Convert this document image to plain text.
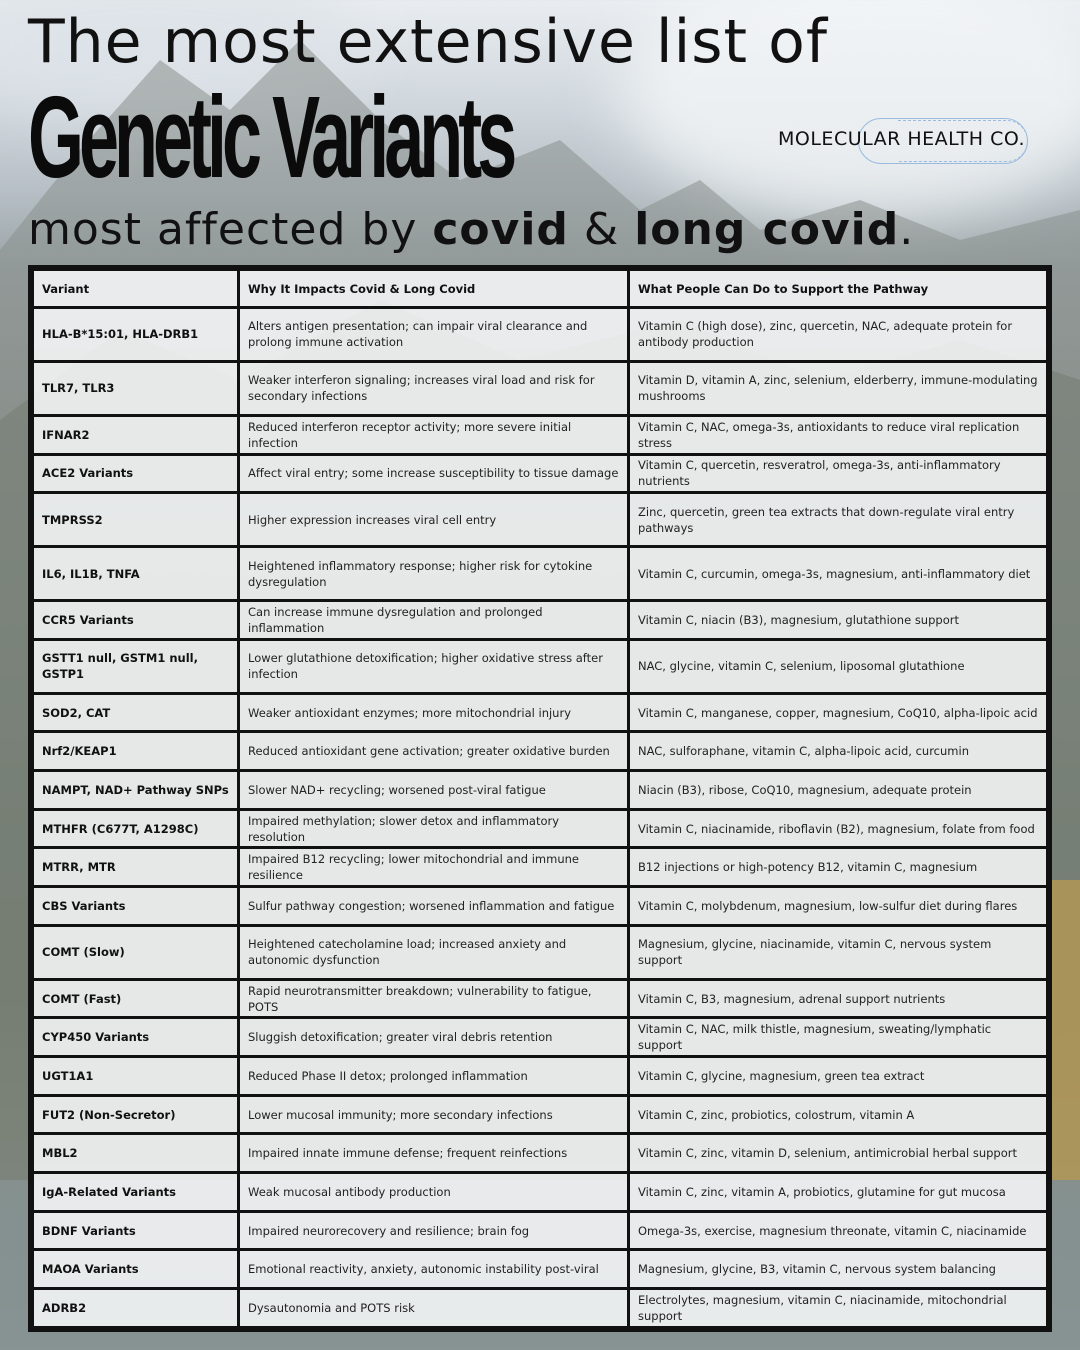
The most extensive list of
Genetic Variants
most affected by covid & long covid.
MOLECULAR HEALTH CO.
Variant	Why It Impacts Covid & Long Covid	What People Can Do to Support the Pathway
HLA-B*15:01, HLA-DRB1	Alters antigen presentation; can impair viral clearance and prolong immune activation	Vitamin C (high dose), zinc, quercetin, NAC, adequate protein for antibody production
TLR7, TLR3	Weaker interferon signaling; increases viral load and risk for secondary infections	Vitamin D, vitamin A, zinc, selenium, elderberry, immune-modulating mushrooms
IFNAR2	Reduced interferon receptor activity; more severe initial infection	Vitamin C, NAC, omega-3s, antioxidants to reduce viral replication stress
ACE2 Variants	Affect viral entry; some increase susceptibility to tissue damage	Vitamin C, quercetin, resveratrol, omega-3s, anti-inflammatory nutrients
TMPRSS2	Higher expression increases viral cell entry	Zinc, quercetin, green tea extracts that down-regulate viral entry pathways
IL6, IL1B, TNFA	Heightened inflammatory response; higher risk for cytokine dysregulation	Vitamin C, curcumin, omega-3s, magnesium, anti-inflammatory diet
CCR5 Variants	Can increase immune dysregulation and prolonged inflammation	Vitamin C, niacin (B3), magnesium, glutathione support
GSTT1 null, GSTM1 null, GSTP1	Lower glutathione detoxification; higher oxidative stress after infection	NAC, glycine, vitamin C, selenium, liposomal glutathione
SOD2, CAT	Weaker antioxidant enzymes; more mitochondrial injury	Vitamin C, manganese, copper, magnesium, CoQ10, alpha-lipoic acid
Nrf2/KEAP1	Reduced antioxidant gene activation; greater oxidative burden	NAC, sulforaphane, vitamin C, alpha-lipoic acid, curcumin
NAMPT, NAD+ Pathway SNPs	Slower NAD+ recycling; worsened post-viral fatigue	Niacin (B3), ribose, CoQ10, magnesium, adequate protein
MTHFR (C677T, A1298C)	Impaired methylation; slower detox and inflammatory resolution	Vitamin C, niacinamide, riboflavin (B2), magnesium, folate from food
MTRR, MTR	Impaired B12 recycling; lower mitochondrial and immune resilience	B12 injections or high-potency B12, vitamin C, magnesium
CBS Variants	Sulfur pathway congestion; worsened inflammation and fatigue	Vitamin C, molybdenum, magnesium, low-sulfur diet during flares
COMT (Slow)	Heightened catecholamine load; increased anxiety and autonomic dysfunction	Magnesium, glycine, niacinamide, vitamin C, nervous system support
COMT (Fast)	Rapid neurotransmitter breakdown; vulnerability to fatigue, POTS	Vitamin C, B3, magnesium, adrenal support nutrients
CYP450 Variants	Sluggish detoxification; greater viral debris retention	Vitamin C, NAC, milk thistle, magnesium, sweating/lymphatic support
UGT1A1	Reduced Phase II detox; prolonged inflammation	Vitamin C, glycine, magnesium, green tea extract
FUT2 (Non-Secretor)	Lower mucosal immunity; more secondary infections	Vitamin C, zinc, probiotics, colostrum, vitamin A
MBL2	Impaired innate immune defense; frequent reinfections	Vitamin C, zinc, vitamin D, selenium, antimicrobial herbal support
IgA-Related Variants	Weak mucosal antibody production	Vitamin C, zinc, vitamin A, probiotics, glutamine for gut mucosa
BDNF Variants	Impaired neurorecovery and resilience; brain fog	Omega-3s, exercise, magnesium threonate, vitamin C, niacinamide
MAOA Variants	Emotional reactivity, anxiety, autonomic instability post-viral	Magnesium, glycine, B3, vitamin C, nervous system balancing
ADRB2	Dysautonomia and POTS risk	Electrolytes, magnesium, vitamin C, niacinamide, mitochondrial support
